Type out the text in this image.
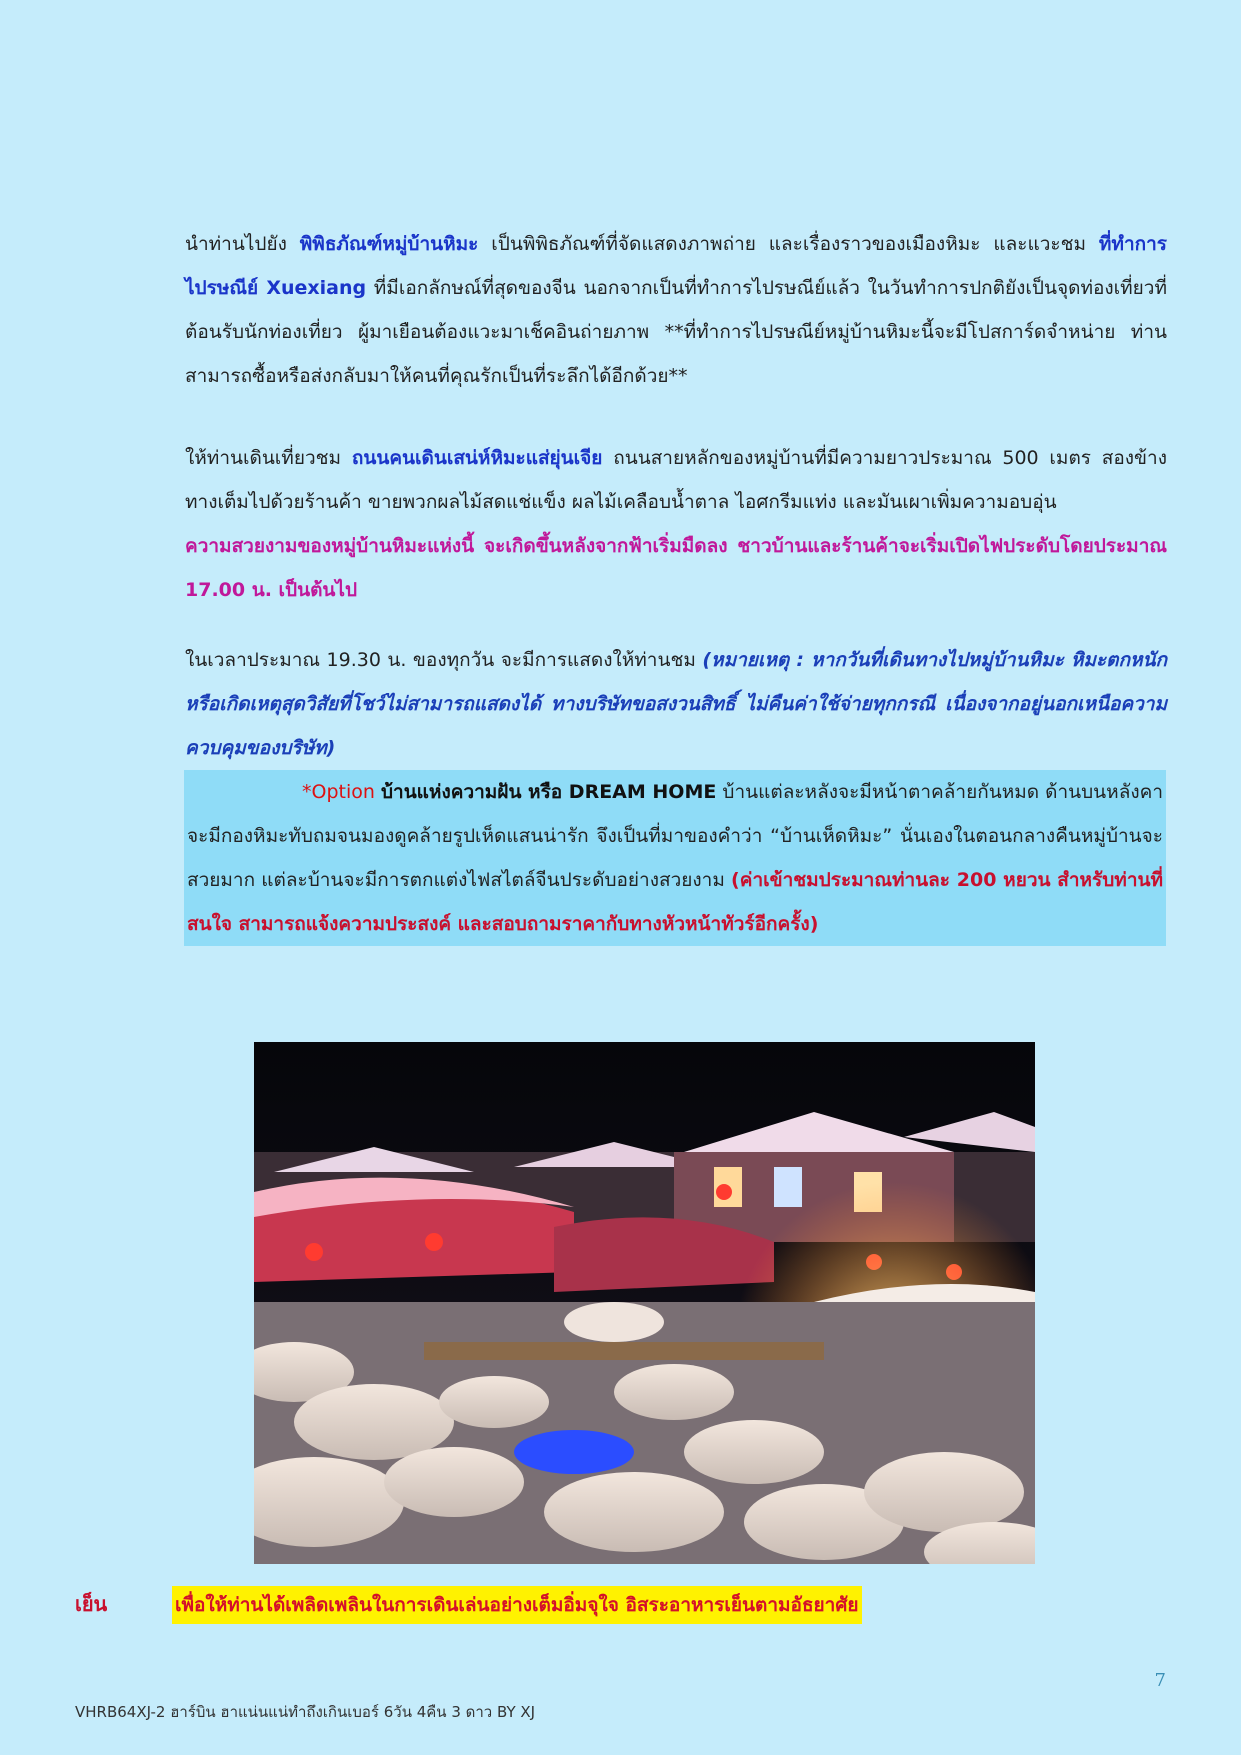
นำท่านไปยัง พิพิธภัณฑ์หมู่บ้านหิมะ เป็นพิพิธภัณฑ์ที่จัดแสดงภาพถ่าย และเรื่องราวของเมืองหิมะ และแวะชม ที่ทำการไปรษณีย์ Xuexiang ที่มีเอกลักษณ์ที่สุดของจีน นอกจากเป็นที่ทำการไปรษณีย์แล้ว ในวันทำการปกติยังเป็นจุดท่องเที่ยวที่ต้อนรับนักท่องเที่ยว ผู้มาเยือนต้องแวะมาเช็คอินถ่ายภาพ **ที่ทำการไปรษณีย์หมู่บ้านหิมะนี้จะมีโปสการ์ดจำหน่าย ท่านสามารถซื้อหรือส่งกลับมาให้คนที่คุณรักเป็นที่ระลึกได้อีกด้วย**

ให้ท่านเดินเที่ยวชม ถนนคนเดินเสน่ห์หิมะแส่ยุ่นเจีย ถนนสายหลักของหมู่บ้านที่มีความยาวประมาณ 500 เมตร สองข้างทางเต็มไปด้วยร้านค้า ขายพวกผลไม้สดแช่แข็ง ผลไม้เคลือบน้ำตาล ไอศกรีมแท่ง และมันเผาเพิ่มความอบอุ่น

ความสวยงามของหมู่บ้านหิมะแห่งนี้ จะเกิดขึ้นหลังจากฟ้าเริ่มมืดลง ชาวบ้านและร้านค้าจะเริ่มเปิดไฟประดับโดยประมาณ 17.00 น. เป็นต้นไป

ในเวลาประมาณ 19.30 น. ของทุกวัน จะมีการแสดงให้ท่านชม (หมายเหตุ : หากวันที่เดินทางไปหมู่บ้านหิมะ หิมะตกหนัก หรือเกิดเหตุสุดวิสัยที่โชว์ไม่สามารถแสดงได้ ทางบริษัทขอสงวนสิทธิ์ ไม่คืนค่าใช้จ่ายทุกกรณี เนื่องจากอยู่นอกเหนือความควบคุมของบริษัท)

*Option บ้านแห่งความฝัน หรือ DREAM HOME บ้านแต่ละหลังจะมีหน้าตาคล้ายกันหมด ด้านบนหลังคาจะมีกองหิมะทับถมจนมองดูคล้ายรูปเห็ดแสนน่ารัก จึงเป็นที่มาของคำว่า “บ้านเห็ดหิมะ” นั่นเองในตอนกลางคืนหมู่บ้านจะสวยมาก แต่ละบ้านจะมีการตกแต่งไฟสไตล์จีนประดับอย่างสวยงาม (ค่าเข้าชมประมาณท่านละ 200 หยวน สำหรับท่านที่สนใจ สามารถแจ้งความประสงค์ และสอบถามราคากับทางหัวหน้าทัวร์อีกครั้ง)
เย็น	เพื่อให้ท่านได้เพลิดเพลินในการเดินเล่นอย่างเต็มอิ่มจุใจ อิสระอาหารเย็นตามอัธยาศัย
7
VHRB64XJ-2 ฮาร์บิน ฮาแน่นแน่ทำถึงเกินเบอร์ 6วัน 4คืน 3 ดาว BY XJ
